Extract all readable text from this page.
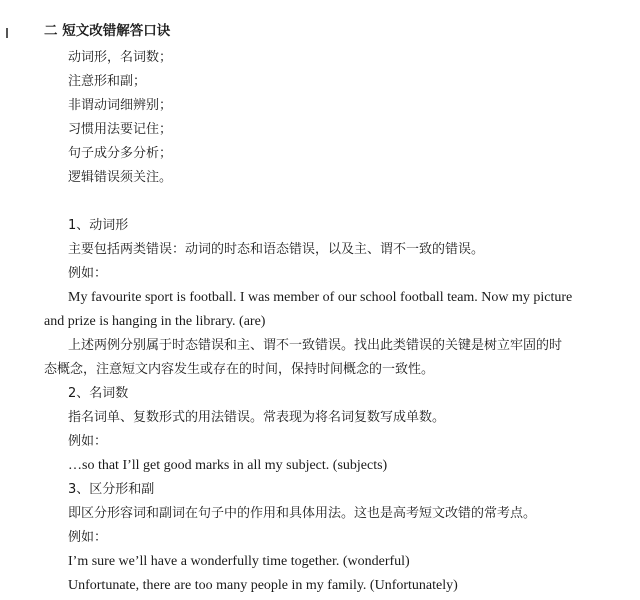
二 短文改错解答口诀
动词形，名词数；
注意形和副；
非谓动词细辨别；
习惯用法要记住；
句子成分多分析；
逻辑错误须关注。
1、动词形
主要包括两类错误：动词的时态和语态错误，以及主、谓不一致的错误。
例如：
My favourite sport is football. I was member of our school football team. Now my picture
and prize is hanging in the library. (are)
上述两例分别属于时态错误和主、谓不一致错误。找出此类错误的关键是树立牢固的时
态概念，注意短文内容发生或存在的时间，保持时间概念的一致性。
2、名词数
指名词单、复数形式的用法错误。常表现为将名词复数写成单数。
例如：
…so that I’ll get good marks in all my subject. (subjects)
3、区分形和副
即区分形容词和副词在句子中的作用和具体用法。这也是高考短文改错的常考点。
例如：
I’m sure we’ll have a wonderfully time together. (wonderful)
Unfortunate, there are too many people in my family. (Unfortunately)
